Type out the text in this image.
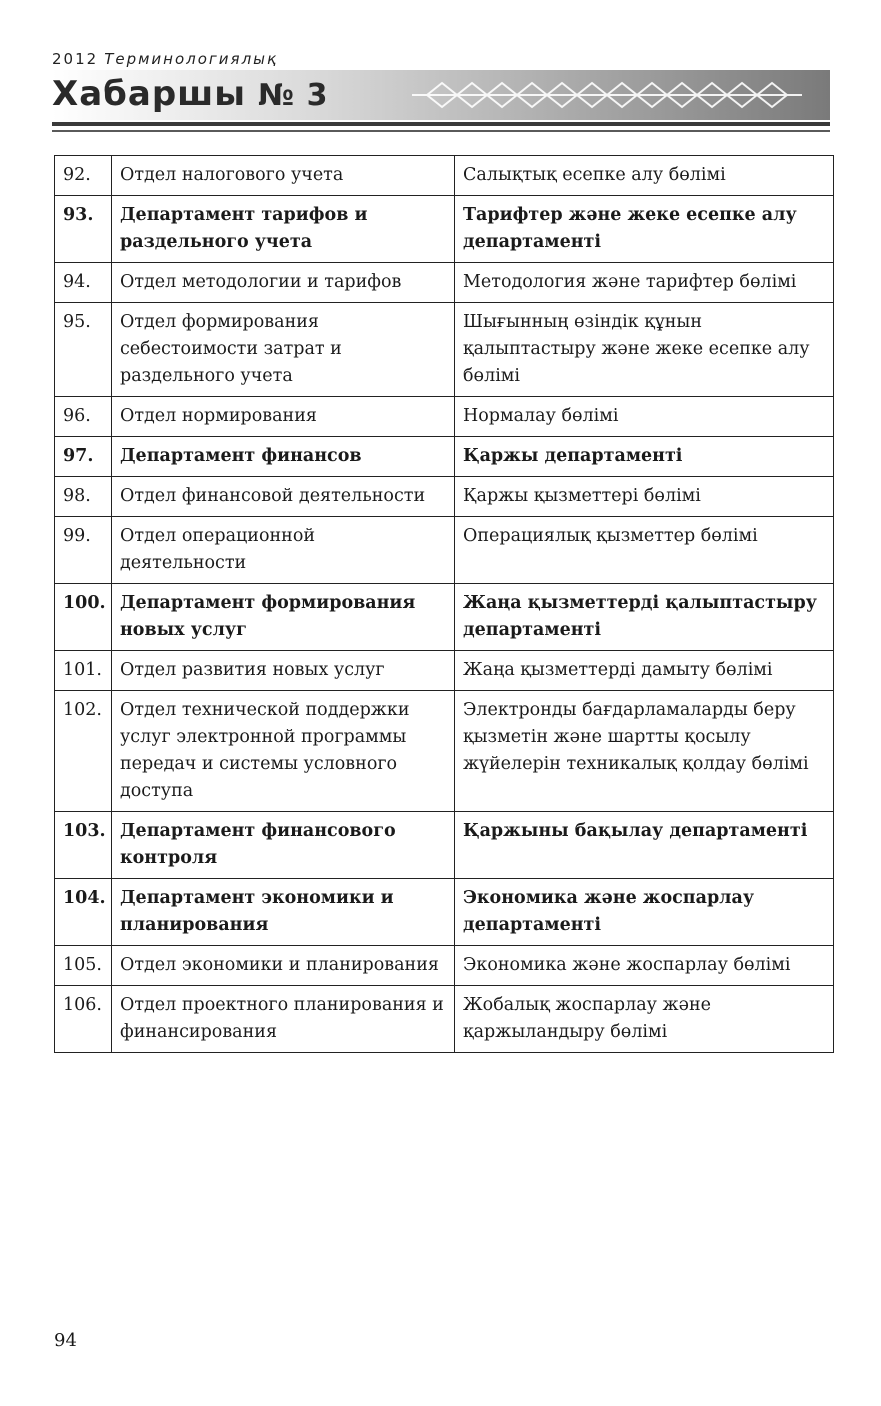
2012 Терминологиялық
Хабаршы № 3
92.	Отдел налогового учета	Салықтық есепке алу бөлімі
93.	Департамент тарифов и раздельного учета	Тарифтер және жеке есепке алу департаменті
94.	Отдел методологии и тарифов	Методология және тарифтер бөлімі
95.	Отдел формирования себестоимости затрат и раздельного учета	Шығынның өзіндік құнын қалыптастыру және жеке есепке алу бөлімі
96.	Отдел нормирования	Нормалау бөлімі
97.	Департамент финансов	Қаржы департаменті
98.	Отдел финансовой деятельности	Қаржы қызметтері бөлімі
99.	Отдел операционной деятельности	Операциялық қызметтер бөлімі
100.	Департамент формирования новых услуг	Жаңа қызметтерді қалыптастыру департаменті
101.	Отдел развития новых услуг	Жаңа қызметтерді дамыту бөлімі
102.	Отдел технической поддержки услуг электронной программы передач и системы условного доступа	Электронды бағдарламаларды беру қызметін және шартты қосылу жүйелерін техникалық қолдау бөлімі
103.	Департамент финансового контроля	Қаржыны бақылау департаменті
104.	Департамент экономики и планирования	Экономика және жоспарлау департаменті
105.	Отдел экономики и планирования	Экономика және жоспарлау бөлімі
106.	Отдел проектного планирования и финансирования	Жобалық жоспарлау және қаржыландыру бөлімі
94
